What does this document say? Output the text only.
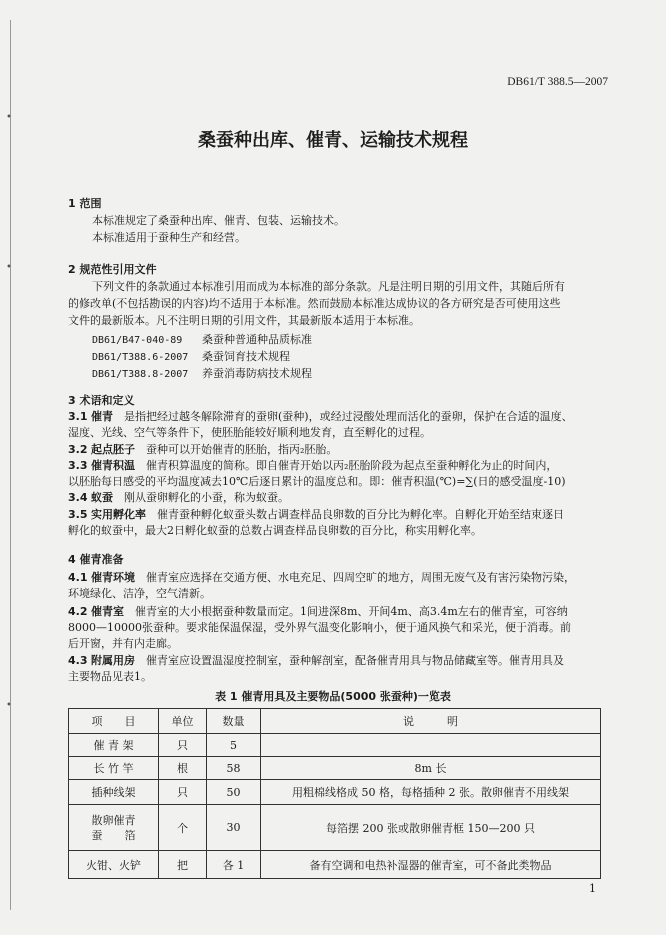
•
•
•
DB61/T 388.5—2007
桑蚕种出库、催青、运输技术规程
1 范围
本标准规定了桑蚕种出库、催青、包装、运输技术。
本标准适用于蚕种生产和经营。
2 规范性引用文件
下列文件的条款通过本标准引用而成为本标准的部分条款。凡是注明日期的引用文件，其随后所有
的修改单(不包括勘误的内容)均不适用于本标准。然而鼓励本标准达成协议的各方研究是否可使用这些
文件的最新版本。凡不注明日期的引用文件，其最新版本适用于本标准。
DB61/B47-040-89 桑蚕种普通种品质标准
DB61/T388.6-2007 桑蚕饲育技术规程
DB61/T388.8-2007 养蚕消毒防病技术规程
3 术语和定义
3.1 催青　 是指把经过越冬解除滞育的蚕卵(蚕种)，或经过浸酸处理而活化的蚕卵，保护在合适的温度、
湿度、光线、空气等条件下，使胚胎能较好顺利地发育，直至孵化的过程。
3.2 起点胚子　 蚕种可以开始催青的胚胎，指丙₂胚胎。
3.3 催青积温　 催青积算温度的简称。即自催青开始以丙₂胚胎阶段为起点至蚕种孵化为止的时间内，
以胚胎每日感受的平均温度减去10℃后逐日累计的温度总和。即：催青积温(℃)=∑(日的感受温度-10)
3.4 蚁蚕　 刚从蚕卵孵化的小蚕，称为蚁蚕。
3.5 实用孵化率　 催青蚕种孵化蚁蚕头数占调查样品良卵数的百分比为孵化率。自孵化开始至结束逐日
孵化的蚁蚕中，最大2日孵化蚁蚕的总数占调查样品良卵数的百分比，称实用孵化率。
4 催青准备
4.1 催青环境　 催青室应选择在交通方便、水电充足、四周空旷的地方，周围无废气及有害污染物污染，
环境绿化、洁净，空气清新。
4.2 催青室　 催青室的大小根据蚕种数量而定。1间进深8m、开间4m、高3.4m左右的催青室，可容纳
8000—10000张蚕种。要求能保温保湿，受外界气温变化影响小，便于通风换气和采光，便于消毒。前
后开窗，并有内走廊。
4.3 附属用房　 催青室应设置温湿度控制室，蚕种解剖室，配备催青用具与物品储藏室等。催青用具及
主要物品见表1。
表 1 催青用具及主要物品(5000 张蚕种)一览表
项　　目	单位	数量	说　　　明
催 青 架	只	5	
长 竹 竿	根	58	8m 长
插种线架	只	50	用粗棉线格成 50 格，每格插种 2 张。散卵催青不用线架
散卵催青
蚕　　箔	个	30	每箔摆 200 张或散卵催青框 150—200 只
火钳、火铲	把	各 1	备有空调和电热补湿器的催青室，可不备此类物品
1
